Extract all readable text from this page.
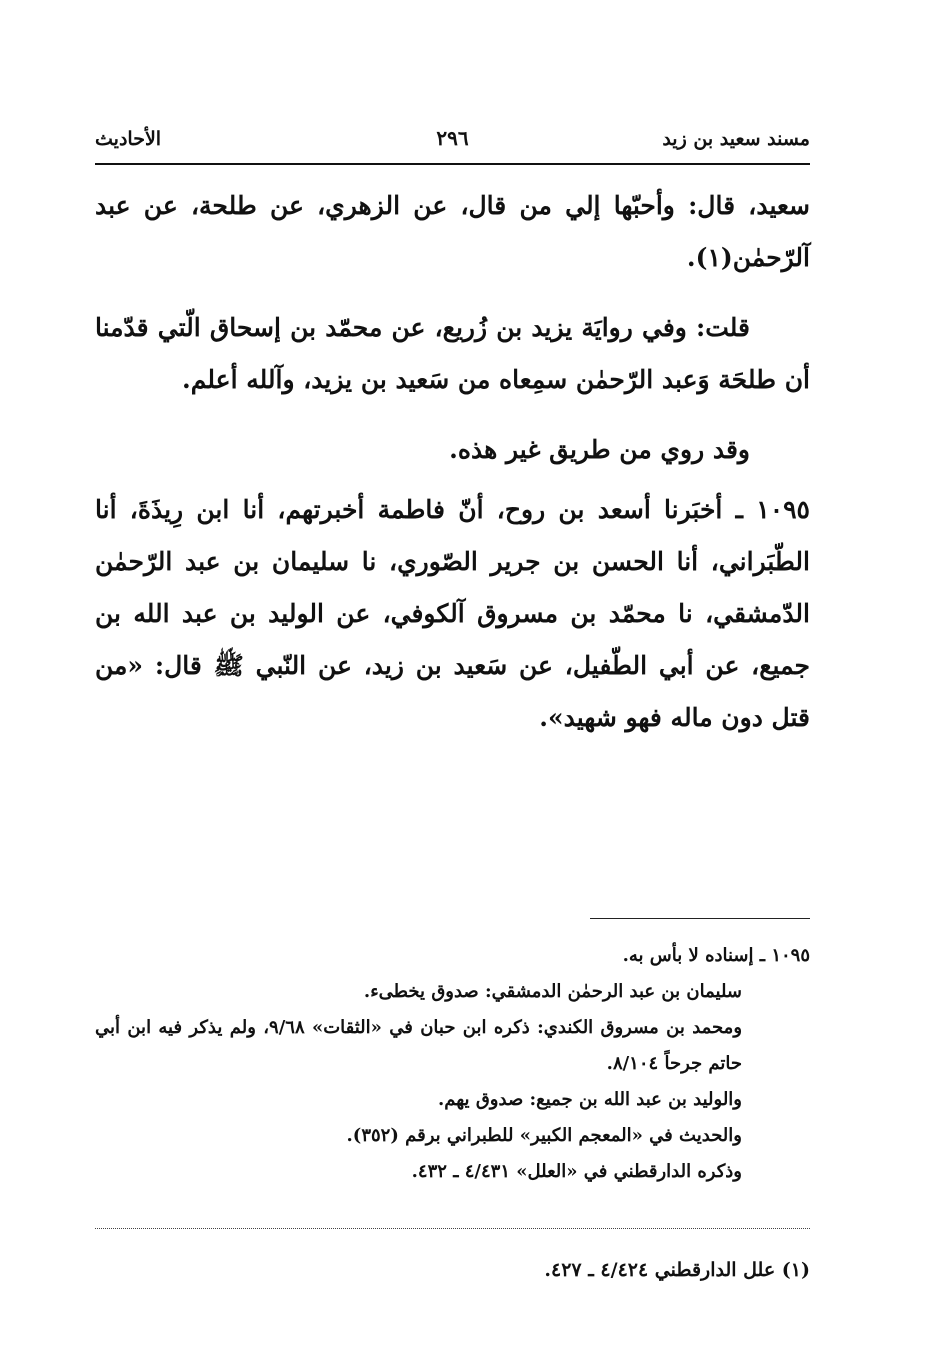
مسند سعيد بن زيد
٢٩٦
الأحاديث

سعيد، قال: وأحبّها إلي من قال، عن الزهري، عن طلحة، عن عبد آلرّحمٰن(١).

قلت: وفي روايَة يزيد بن زُريع، عن محمّد بن إسحاق الّتي قدّمنا أن طلحَة وَعبد الرّحمٰن سمِعاه من سَعيد بن يزيد، وآلله أعلم.

وقد روي من طريق غير هذه.

١٠٩٥ ـ أخبَرنا أسعد بن روح، أنّ فاطمة أخبرتهم، أنا ابن رِيذَةَ، أنا الطّبَراني، أنا الحسن بن جرير الصّوري، نا سليمان بن عبد الرّحمٰن الدّمشقي، نا محمّد بن مسروق آلكوفي، عن الوليد بن عبد الله بن جميع، عن أبي الطّفيل، عن سَعيد بن زيد، عن النّبي ﷺ قال: «من قتل دون ماله فهو شهيد».

١٠٩٥ ـ إسناده لا بأس به.

سليمان بن عبد الرحمٰن الدمشقي: صدوق يخطىء.

ومحمد بن مسروق الكندي: ذكره ابن حبان في «الثقات» ٩/٦٨، ولم يذكر فيه ابن أبي حاتم جرحاً ٨/١٠٤.

والوليد بن عبد الله بن جميع: صدوق يهم.

والحديث في «المعجم الكبير» للطبراني برقم (٣٥٢).

وذكره الدارقطني في «العلل» ٤/٤٣١ ـ ٤٣٢.

(١) علل الدارقطني ٤/٤٢٤ ـ ٤٢٧.
